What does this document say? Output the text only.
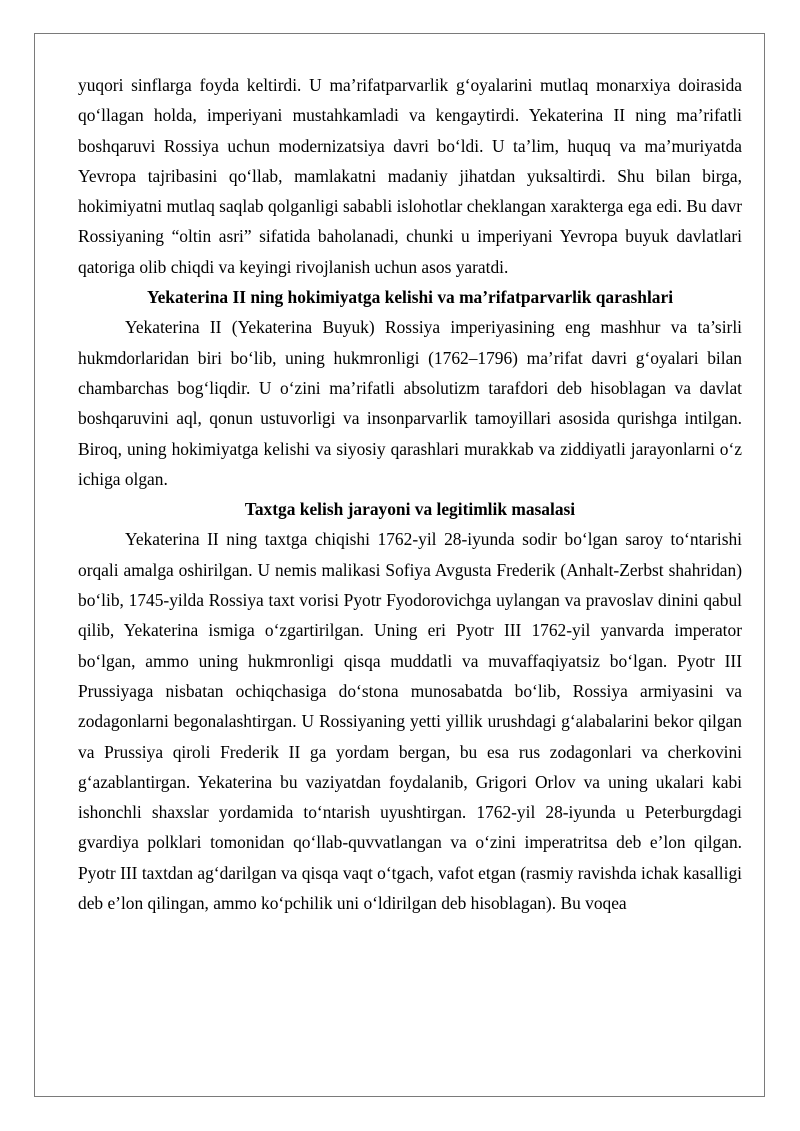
yuqori sinflarga foyda keltirdi. U ma’rifatparvarlik g‘oyalarini mutlaq monarxiya doirasida qo‘llagan holda, imperiyani mustahkamladi va kengaytirdi. Yekaterina II ning ma’rifatli boshqaruvi Rossiya uchun modernizatsiya davri bo‘ldi. U ta’lim, huquq va ma’muriyatda Yevropa tajribasini qo‘llab, mamlakatni madaniy jihatdan yuksaltirdi. Shu bilan birga, hokimiyatni mutlaq saqlab qolganligi sababli islohotlar cheklangan xarakterga ega edi. Bu davr Rossiyaning “oltin asri” sifatida baholanadi, chunki u imperiyani Yevropa buyuk davlatlari qatoriga olib chiqdi va keyingi rivojlanish uchun asos yaratdi.

Yekaterina II ning hokimiyatga kelishi va ma’rifatparvarlik qarashlari

Yekaterina II (Yekaterina Buyuk) Rossiya imperiyasining eng mashhur va ta’sirli hukmdorlaridan biri bo‘lib, uning hukmronligi (1762–1796) ma’rifat davri g‘oyalari bilan chambarchas bog‘liqdir. U o‘zini ma’rifatli absolutizm tarafdori deb hisoblagan va davlat boshqaruvini aql, qonun ustuvorligi va insonparvarlik tamoyillari asosida qurishga intilgan. Biroq, uning hokimiyatga kelishi va siyosiy qarashlari murakkab va ziddiyatli jarayonlarni o‘z ichiga olgan.

Taxtga kelish jarayoni va legitimlik masalasi

Yekaterina II ning taxtga chiqishi 1762-yil 28-iyunda sodir bo‘lgan saroy to‘ntarishi orqali amalga oshirilgan. U nemis malikasi Sofiya Avgusta Frederik (Anhalt-Zerbst shahridan) bo‘lib, 1745-yilda Rossiya taxt vorisi Pyotr Fyodorovichga uylangan va pravoslav dinini qabul qilib, Yekaterina ismiga o‘zgartirilgan. Uning eri Pyotr III 1762-yil yanvarda imperator bo‘lgan, ammo uning hukmronligi qisqa muddatli va muvaffaqiyatsiz bo‘lgan. Pyotr III Prussiyaga nisbatan ochiqchasiga do‘stona munosabatda bo‘lib, Rossiya armiyasini va zodagonlarni begonalashtirgan. U Rossiyaning yetti yillik urushdagi g‘alabalarini bekor qilgan va Prussiya qiroli Frederik II ga yordam bergan, bu esa rus zodagonlari va cherkovini g‘azablantirgan. Yekaterina bu vaziyatdan foydalanib, Grigori Orlov va uning ukalari kabi ishonchli shaxslar yordamida to‘ntarish uyushtirgan. 1762-yil 28-iyunda u Peterburgdagi gvardiya polklari tomonidan qo‘llab-quvvatlangan va o‘zini imperatritsa deb e’lon qilgan. Pyotr III taxtdan ag‘darilgan va qisqa vaqt o‘tgach, vafot etgan (rasmiy ravishda ichak kasalligi deb e’lon qilingan, ammo ko‘pchilik uni o‘ldirilgan deb hisoblagan). Bu voqea
